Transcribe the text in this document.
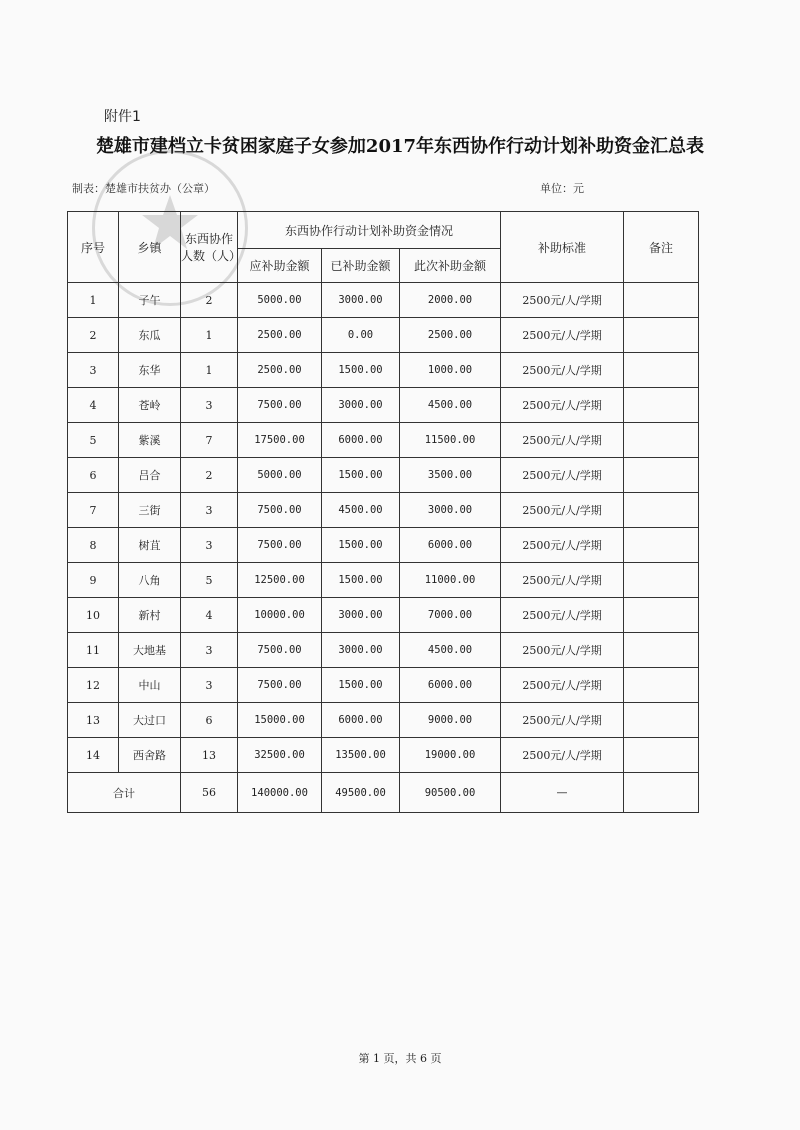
附件1
楚雄市建档立卡贫困家庭子女参加2017年东西协作行动计划补助资金汇总表
制表：楚雄市扶贫办（公章）	单位：元
序号	乡镇	东西协作人数（人）	东西协作行动计划补助资金情况			补助标准	备注
			应补助金额	已补助金额	此次补助金额		
1	子午	2	5000.00	3000.00	2000.00	2500元/人/学期	
2	东瓜	1	2500.00	0.00	2500.00	2500元/人/学期	
3	东华	1	2500.00	1500.00	1000.00	2500元/人/学期	
4	苍岭	3	7500.00	3000.00	4500.00	2500元/人/学期	
5	紫溪	7	17500.00	6000.00	11500.00	2500元/人/学期	
6	吕合	2	5000.00	1500.00	3500.00	2500元/人/学期	
7	三街	3	7500.00	4500.00	3000.00	2500元/人/学期	
8	树苴	3	7500.00	1500.00	6000.00	2500元/人/学期	
9	八角	5	12500.00	1500.00	11000.00	2500元/人/学期	
10	新村	4	10000.00	3000.00	7000.00	2500元/人/学期	
11	大地基	3	7500.00	3000.00	4500.00	2500元/人/学期	
12	中山	3	7500.00	1500.00	6000.00	2500元/人/学期	
13	大过口	6	15000.00	6000.00	9000.00	2500元/人/学期	
14	西舍路	13	32500.00	13500.00	19000.00	2500元/人/学期	
合计		56	140000.00	49500.00	90500.00	—	
第 1 页，共 6 页
